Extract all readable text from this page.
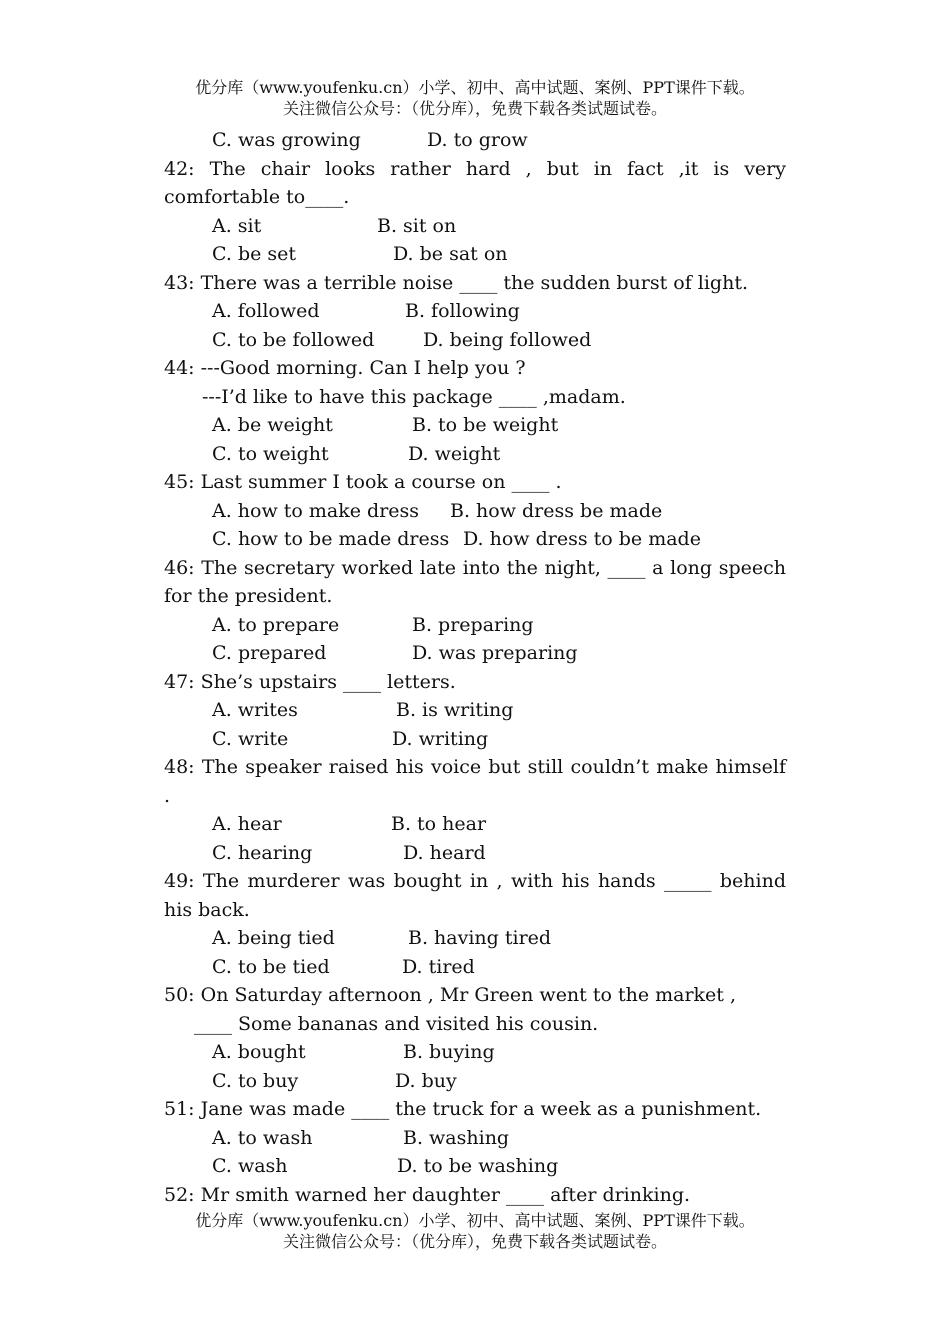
优分库（www.youfenku.cn）小学、初中、高中试题、案例、PPT课件下载。
关注微信公众号：（优分库），免费下载各类试题试卷。
C. was growing	D. to grow
42: The chair looks rather hard , but in fact ,it is very
comfortable to____.
A. sit	B. sit on
C. be set	D. be sat on
43: There was a terrible noise ____ the sudden burst of light.
A. followed	B. following
C. to be followed	D. being followed
44: ---Good morning. Can I help you ?
---I’d like to have this package ____ ,madam.
A. be weight	B. to be weight
C. to weight	D. weight
45: Last summer I took a course on ____ .
A. how to make dress B. how dress be made
C. how to be made dress D. how dress to be made
46: The secretary worked late into the night, ____ a long speech
for the president.
A. to prepare	B. preparing
C. prepared	D. was preparing
47: She’s upstairs ____ letters.
A. writes	B. is writing
C. write	D. writing
48: The speaker raised his voice but still couldn’t make himself
.
A. hear	B. to hear
C. hearing	D. heard
49: The murderer was bought in , with his hands _____ behind
his back.
A. being tied	B. having tired
C. to be tied	D. tired
50: On Saturday afternoon , Mr Green went to the market ,
____ Some bananas and visited his cousin.
A. bought	B. buying
C. to buy	D. buy
51: Jane was made ____ the truck for a week as a punishment.
A. to wash	B. washing
C. wash	D. to be washing
52: Mr smith warned her daughter ____ after drinking.
优分库（www.youfenku.cn）小学、初中、高中试题、案例、PPT课件下载。
关注微信公众号：（优分库），免费下载各类试题试卷。
